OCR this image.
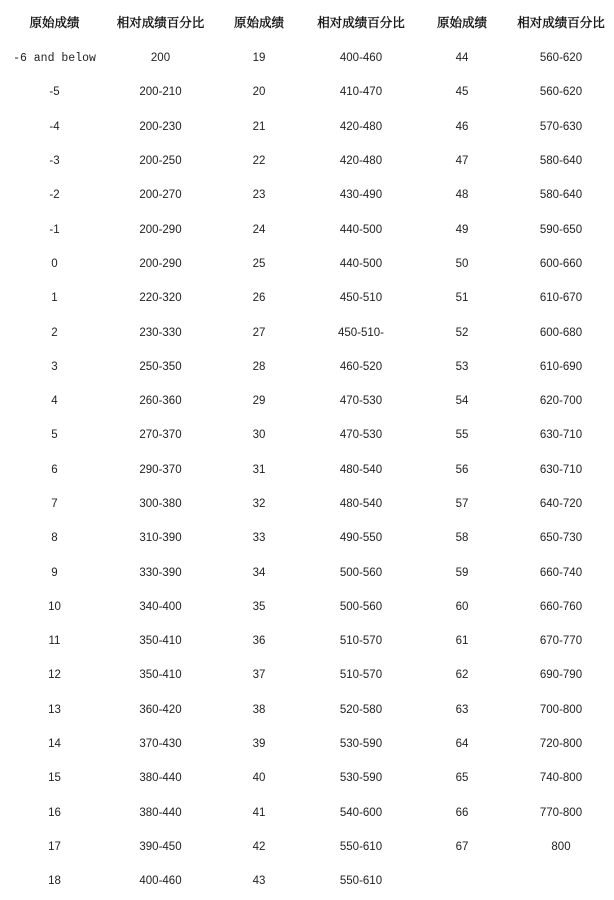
原始成绩	相对成绩百分比	原始成绩	相对成绩百分比	原始成绩	相对成绩百分比
-6 and below	200	19	400-460	44	560-620
-5	200-210	20	410-470	45	560-620
-4	200-230	21	420-480	46	570-630
-3	200-250	22	420-480	47	580-640
-2	200-270	23	430-490	48	580-640
-1	200-290	24	440-500	49	590-650
0	200-290	25	440-500	50	600-660
1	220-320	26	450-510	51	610-670
2	230-330	27	450-510-	52	600-680
3	250-350	28	460-520	53	610-690
4	260-360	29	470-530	54	620-700
5	270-370	30	470-530	55	630-710
6	290-370	31	480-540	56	630-710
7	300-380	32	480-540	57	640-720
8	310-390	33	490-550	58	650-730
9	330-390	34	500-560	59	660-740
10	340-400	35	500-560	60	660-760
11	350-410	36	510-570	61	670-770
12	350-410	37	510-570	62	690-790
13	360-420	38	520-580	63	700-800
14	370-430	39	530-590	64	720-800
15	380-440	40	530-590	65	740-800
16	380-440	41	540-600	66	770-800
17	390-450	42	550-610	67	800
18	400-460	43	550-610		
